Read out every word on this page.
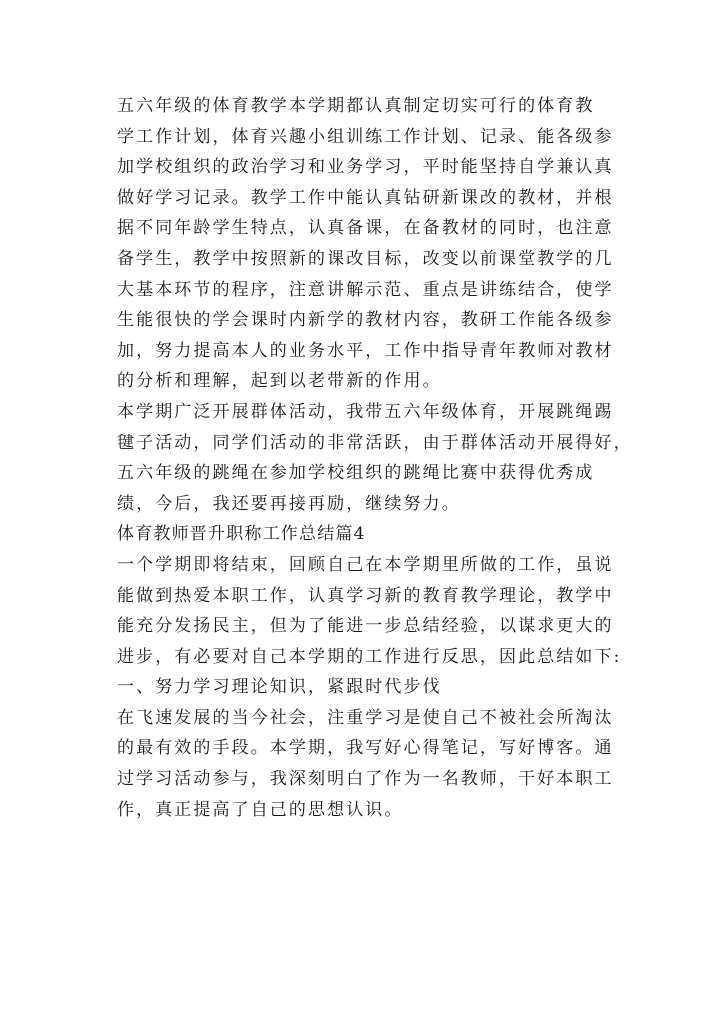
五六年级的体育教学本学期都认真制定切实可行的体育教
学工作计划，体育兴趣小组训练工作计划、记录、能各级参
加学校组织的政治学习和业务学习，平时能坚持自学兼认真
做好学习记录。教学工作中能认真钻研新课改的教材，并根
据不同年龄学生特点，认真备课，在备教材的同时，也注意
备学生，教学中按照新的课改目标，改变以前课堂教学的几
大基本环节的程序，注意讲解示范、重点是讲练结合，使学
生能很快的学会课时内新学的教材内容，教研工作能各级参
加，努力提高本人的业务水平，工作中指导青年教师对教材
的分析和理解，起到以老带新的作用。
本学期广泛开展群体活动，我带五六年级体育，开展跳绳踢
毽子活动，同学们活动的非常活跃，由于群体活动开展得好，
五六年级的跳绳在参加学校组织的跳绳比赛中获得优秀成
绩，今后，我还要再接再励，继续努力。
体育教师晋升职称工作总结篇4
一个学期即将结束，回顾自己在本学期里所做的工作，虽说
能做到热爱本职工作，认真学习新的教育教学理论，教学中
能充分发扬民主，但为了能进一步总结经验，以谋求更大的
进步，有必要对自己本学期的工作进行反思，因此总结如下:
一、努力学习理论知识，紧跟时代步伐
在飞速发展的当今社会，注重学习是使自己不被社会所淘汰
的最有效的手段。本学期，我写好心得笔记，写好博客。通
过学习活动参与，我深刻明白了作为一名教师，干好本职工
作，真正提高了自己的思想认识。
